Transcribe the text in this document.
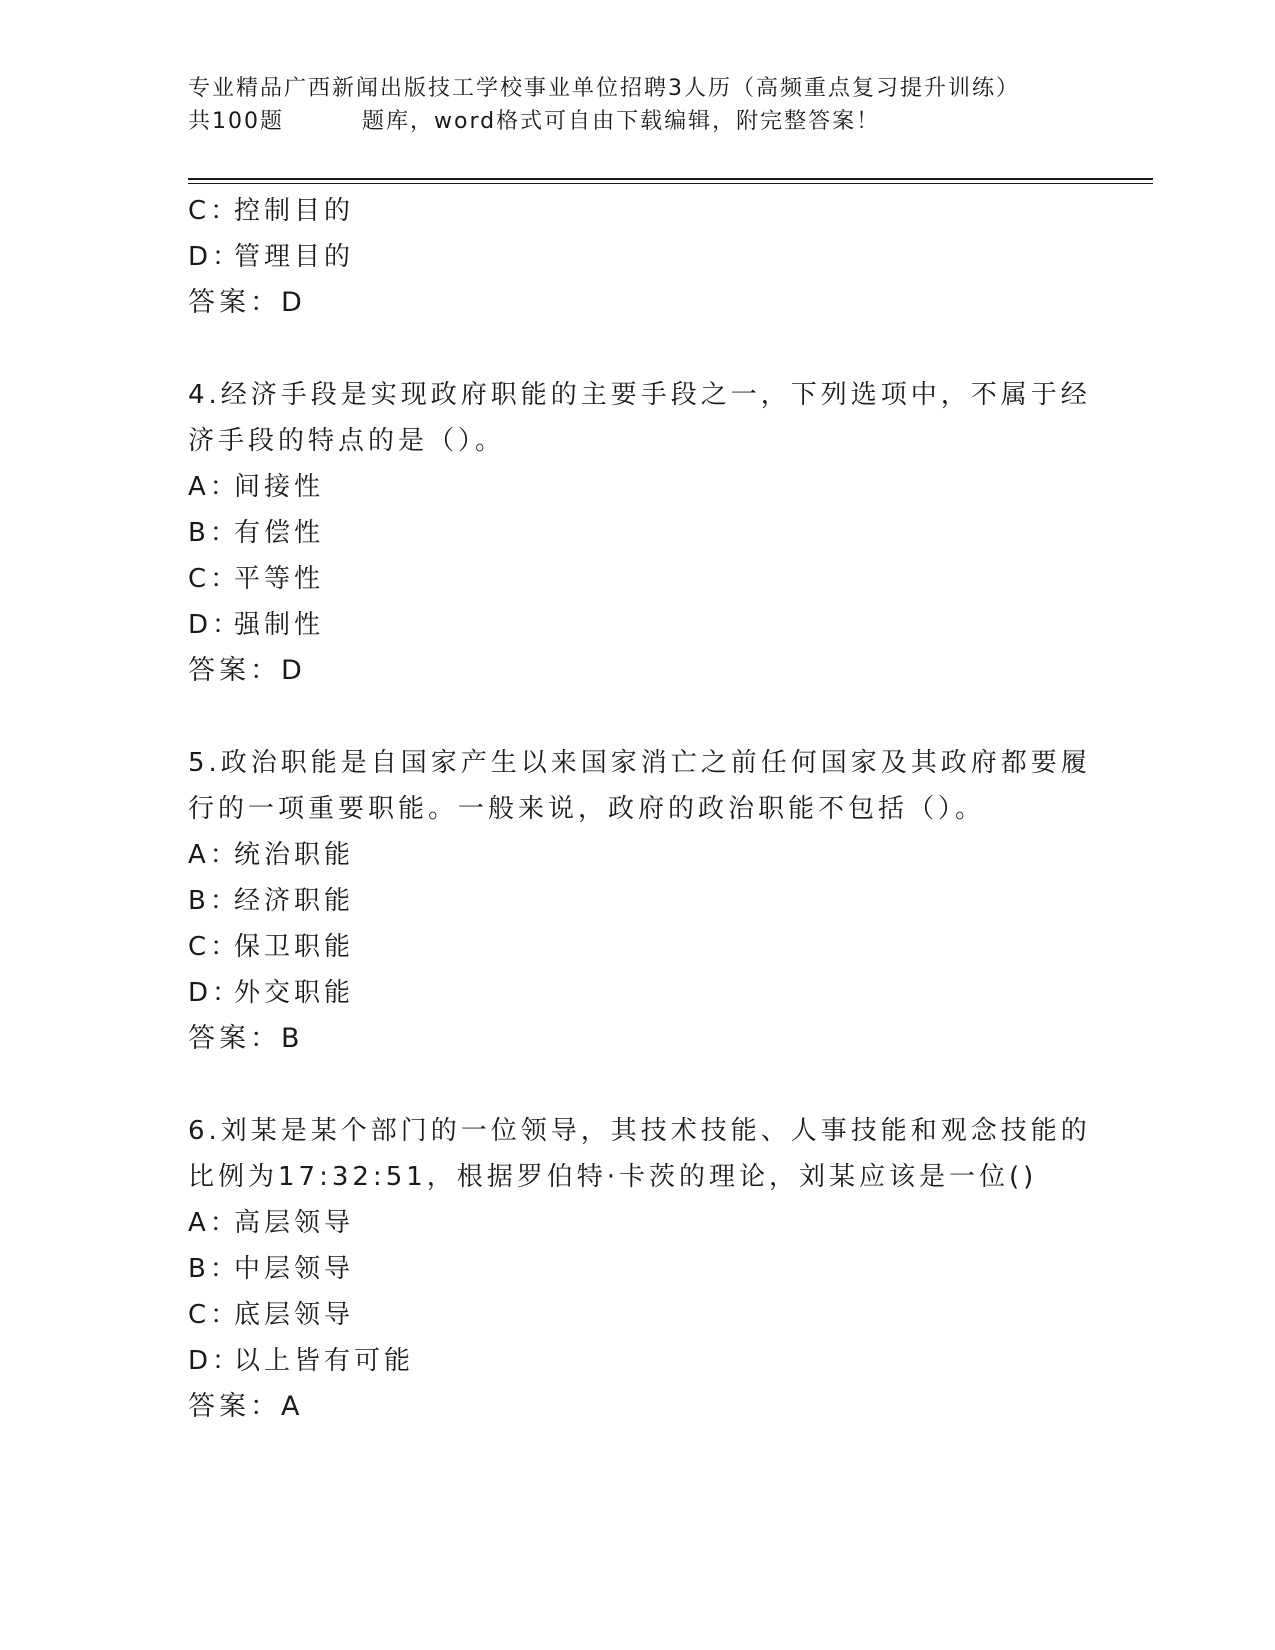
专业精品广西新闻出版技工学校事业单位招聘3人历（高频重点复习提升训练）
共100题	题库，word格式可自由下载编辑，附完整答案！
C：控制目的
D：管理目的
答案：D
4.经济手段是实现政府职能的主要手段之一，下列选项中，不属于经
济手段的特点的是（）。
A：间接性
B：有偿性
C：平等性
D：强制性
答案：D
5.政治职能是自国家产生以来国家消亡之前任何国家及其政府都要履
行的一项重要职能。一般来说，政府的政治职能不包括（）。
A：统治职能
B：经济职能
C：保卫职能
D：外交职能
答案：B
6.刘某是某个部门的一位领导，其技术技能、人事技能和观念技能的
比例为17:32:51，根据罗伯特·卡茨的理论，刘某应该是一位()
A：高层领导
B：中层领导
C：底层领导
D：以上皆有可能
答案：A
